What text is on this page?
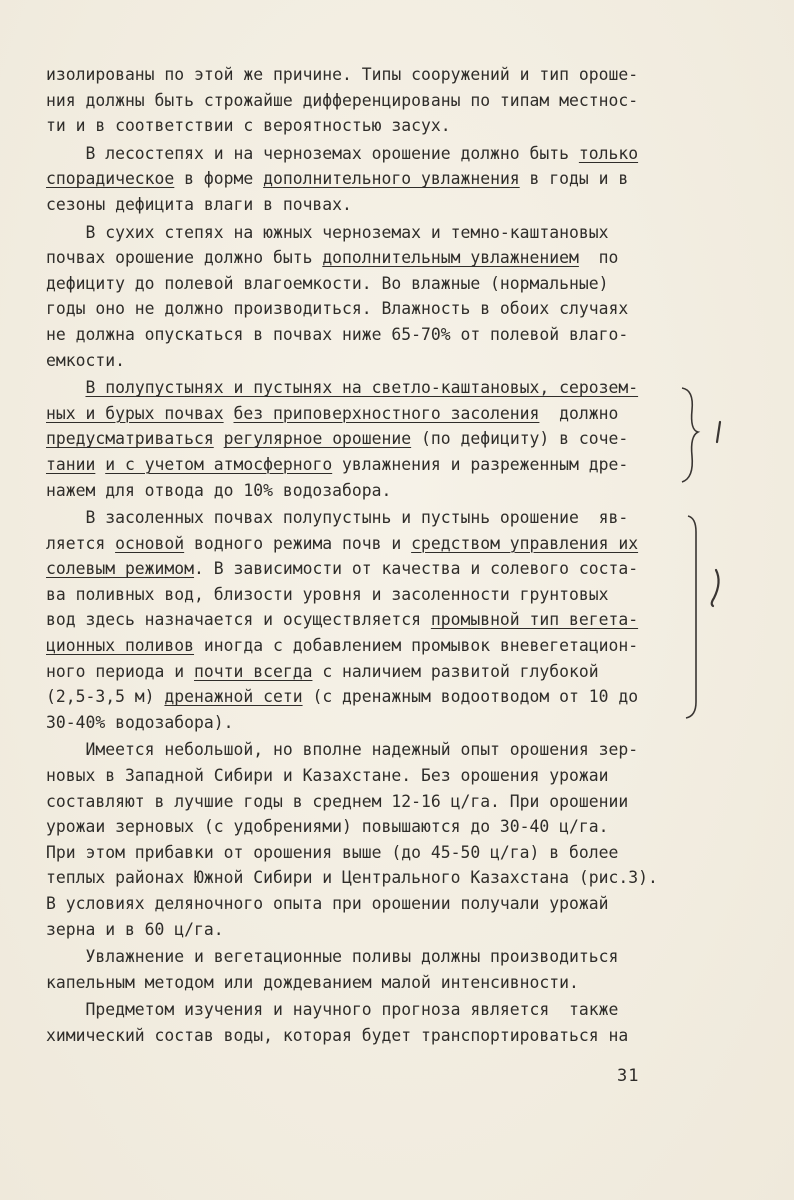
изолированы по этой же причине. Типы сооружений и тип ороше-
ния должны быть строжайше дифференцированы по типам местнос-
ти и в соответствии с вероятностью засух.
В лесостепях и на черноземах орошение должно быть только
спорадическое в форме дополнительного увлажнения в годы и в
сезоны дефицита влаги в почвах.
В сухих степях на южных черноземах и темно-каштановых
почвах орошение должно быть дополнительным увлажнением  по
дефициту до полевой влагоемкости. Во влажные (нормальные)
годы оно не должно производиться. Влажность в обоих случаях
не должна опускаться в почвах ниже 65-70% от полевой влаго-
емкости.
В полупустынях и пустынях на светло-каштановых, серозем-
ных и бурых почвах без приповерхностного засоления  должно
предусматриваться регулярное орошение (по дефициту) в соче-
тании и с учетом атмосферного увлажнения и разреженным дре-
нажем для отвода до 10% водозабора.
В засоленных почвах полупустынь и пустынь орошение  яв-
ляется основой водного режима почв и средством управления их
солевым режимом. В зависимости от качества и солевого соста-
ва поливных вод, близости уровня и засоленности грунтовых
вод здесь назначается и осуществляется промывной тип вегета-
ционных поливов иногда с добавлением промывок вневегетацион-
ного периода и почти всегда с наличием развитой глубокой
(2,5-3,5 м) дренажной сети (с дренажным водоотводом от 10 до
30-40% водозабора).
Имеется небольшой, но вполне надежный опыт орошения зер-
новых в Западной Сибири и Казахстане. Без орошения урожаи
составляют в лучшие годы в среднем 12-16 ц/га. При орошении
урожаи зерновых (с удобрениями) повышаются до 30-40 ц/га.
При этом прибавки от орошения выше (до 45-50 ц/га) в более
теплых районах Южной Сибири и Центрального Казахстана (рис.3).
В условиях деляночного опыта при орошении получали урожай
зерна и в 60 ц/га.
Увлажнение и вегетационные поливы должны производиться
капельным методом или дождеванием малой интенсивности.
Предметом изучения и научного прогноза является  также
химический состав воды, которая будет транспортироваться на
31
